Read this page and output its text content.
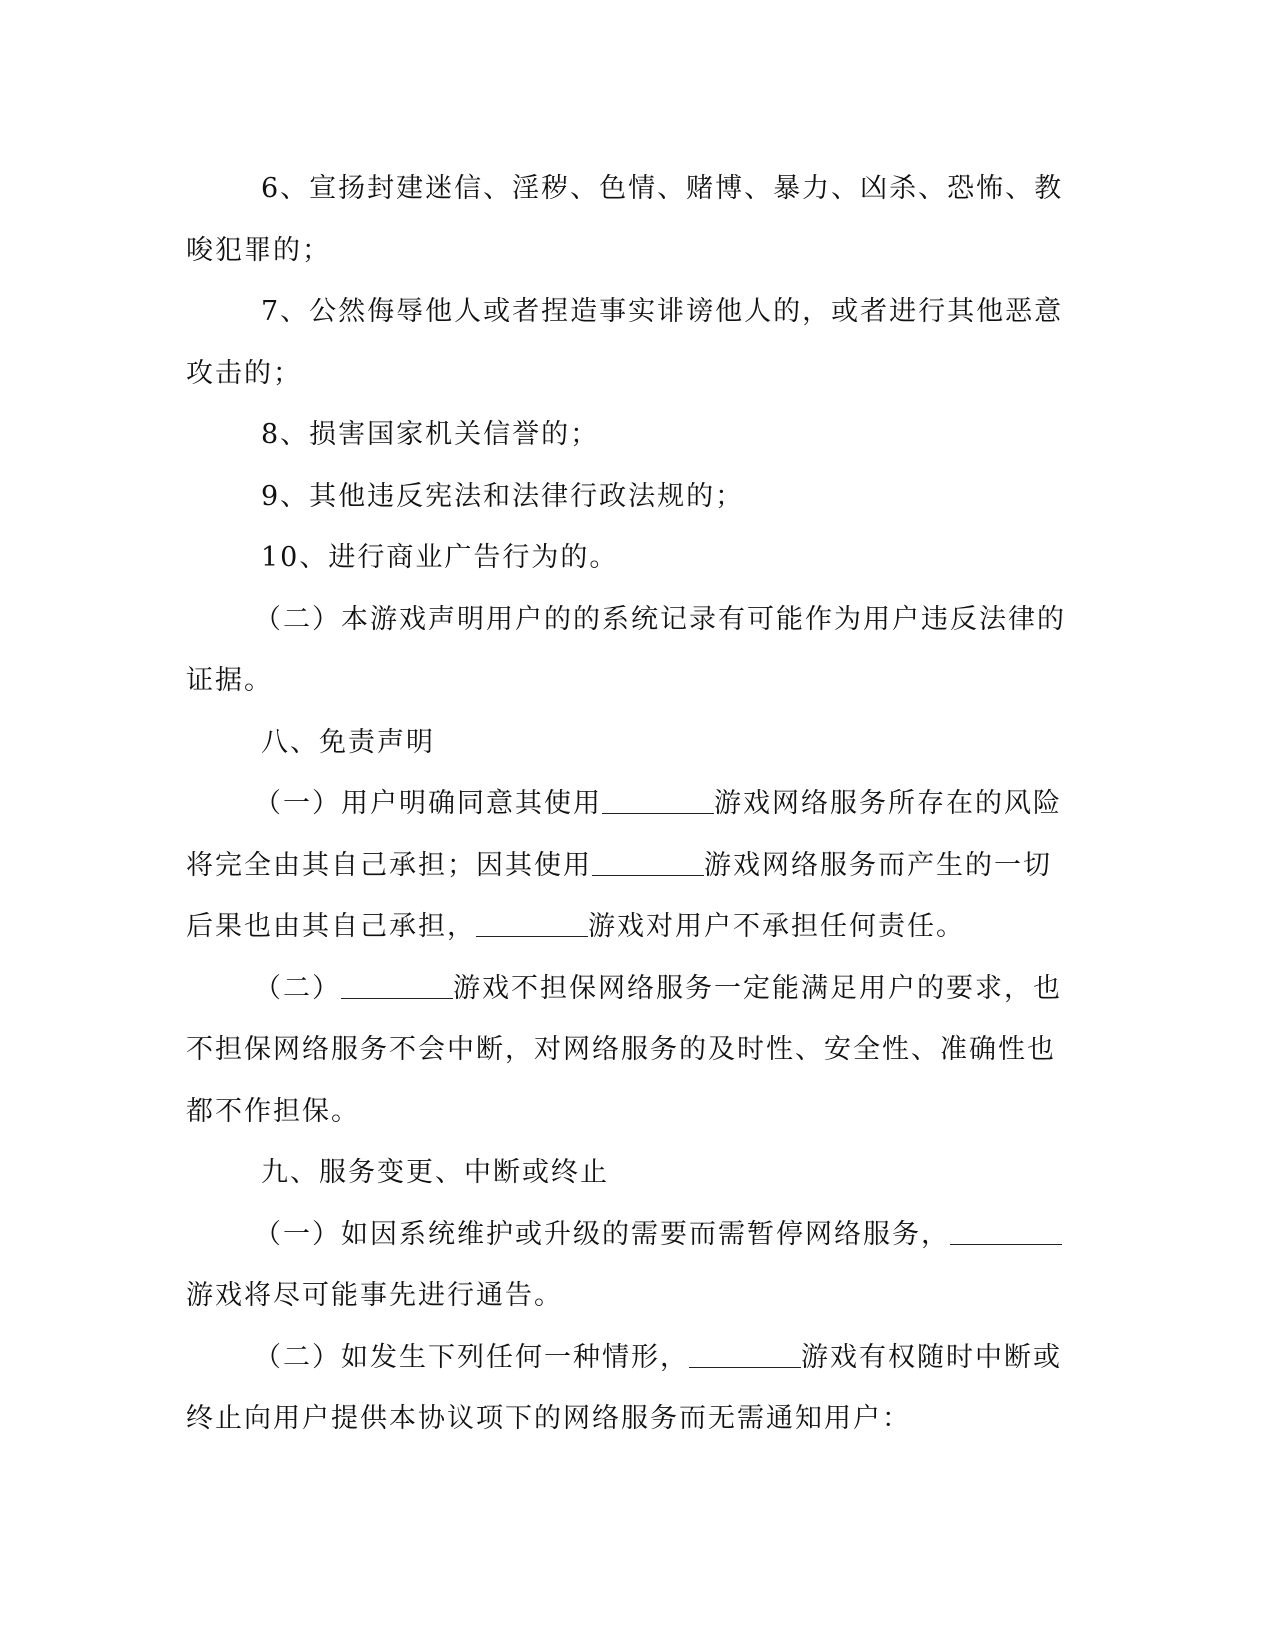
6、宣扬封建迷信、淫秽、色情、赌博、暴力、凶杀、恐怖、教
唆犯罪的；
7、公然侮辱他人或者捏造事实诽谤他人的，或者进行其他恶意
攻击的；
8、损害国家机关信誉的；
9、其他违反宪法和法律行政法规的；
10、进行商业广告行为的。
（二）本游戏声明用户的的系统记录有可能作为用户违反法律的
证据。
八、免责声明
（一）用户明确同意其使用	游戏网络服务所存在的风险
将完全由其自己承担；因其使用	游戏网络服务而产生的一切
后果也由其自己承担，	游戏对用户不承担任何责任。
（二）	游戏不担保网络服务一定能满足用户的要求，也
不担保网络服务不会中断，对网络服务的及时性、安全性、准确性也
都不作担保。
九、服务变更、中断或终止
（一）如因系统维护或升级的需要而需暂停网络服务，
游戏将尽可能事先进行通告。
（二）如发生下列任何一种情形，	游戏有权随时中断或
终止向用户提供本协议项下的网络服务而无需通知用户：
